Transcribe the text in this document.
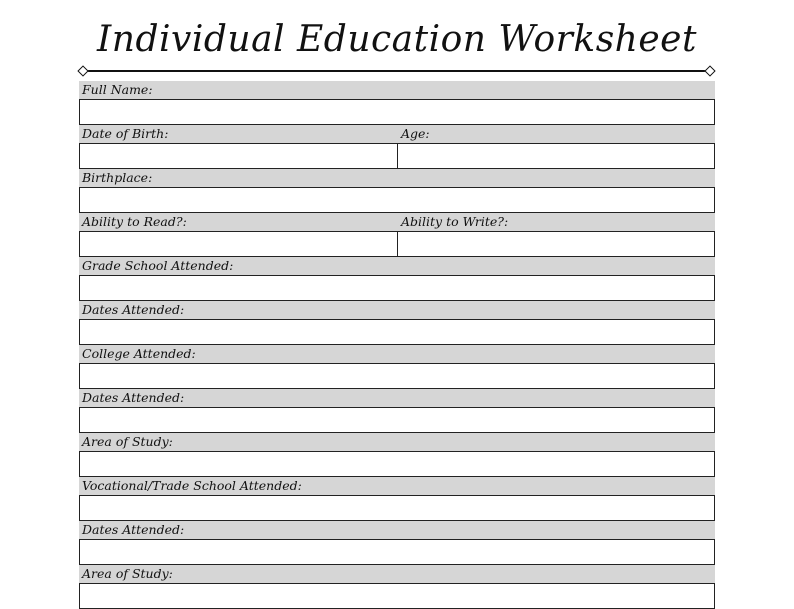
Individual Education Worksheet
Full Name:
Date of Birth:	Age:
Birthplace:
Ability to Read?:	Ability to Write?:
Grade School Attended:
Dates Attended:
College Attended:
Dates Attended:
Area of Study:
Vocational/Trade School Attended:
Dates Attended:
Area of Study:
